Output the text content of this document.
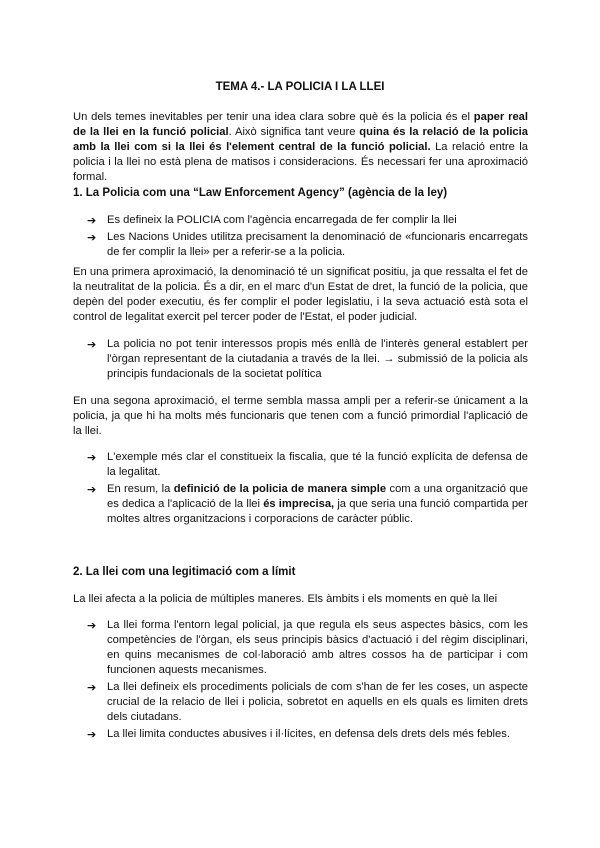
TEMA 4.- LA POLICIA I LA LLEI

Un dels temes inevitables per tenir una idea clara sobre què és la policia és el paper real de la llei en la funció policial. Això significa tant veure quina és la relació de la policia amb la llei com si la llei és l'element central de la funció policial. La relació entre la policia i la llei no està plena de matisos i consideracions. És necessari fer una aproximació formal.

1. La Policia com una “Law Enforcement Agency” (agència de la ley)
➔ Es defineix la POLICIA com l'agència encarregada de fer complir la llei
➔ Les Nacions Unides utilitza precisament la denominació de «funcionaris encarregats de fer complir la llei» per a referir-se a la policia.

En una primera aproximació, la denominació té un significat positiu, ja que ressalta el fet de la neutralitat de la policia. És a dir, en el marc d'un Estat de dret, la funció de la policia, que depèn del poder executiu, és fer complir el poder legislatiu, i la seva actuació està sota el control de legalitat exercit pel tercer poder de l'Estat, el poder judicial.

➔ La policia no pot tenir interessos propis més enllà de l'interès general establert per l'òrgan representant de la ciutadania a través de la llei. → submissió de la policia als principis fundacionals de la societat política

En una segona aproximació, el terme sembla massa ampli per a referir-se únicament a la policia, ja que hi ha molts més funcionaris que tenen com a funció primordial l'aplicació de la llei.

➔ L'exemple més clar el constitueix la fiscalia, que té la funció explícita de defensa de la legalitat.
➔ En resum, la definició de la policia de manera simple com a una organització que es dedica a l'aplicació de la llei és imprecisa, ja que seria una funció compartida per moltes altres organitzacions i corporacions de caràcter públic.
2. La llei com una legitimació com a límit

La llei afecta a la policia de múltiples maneres. Els àmbits i els moments en què la llei

➔ La llei forma l'entorn legal policial, ja que regula els seus aspectes bàsics, com les competències de l'òrgan, els seus principis bàsics d'actuació i del règim disciplinari, en quins mecanismes de col·laboració amb altres cossos ha de participar i com funcionen aquests mecanismes.
➔ La llei defineix els procediments policials de com s'han de fer les coses, un aspecte crucial de la relacio de llei i policia, sobretot en aquells en els quals es limiten drets dels ciutadans.
➔ La llei limita conductes abusives i il·lícites, en defensa dels drets dels més febles.
